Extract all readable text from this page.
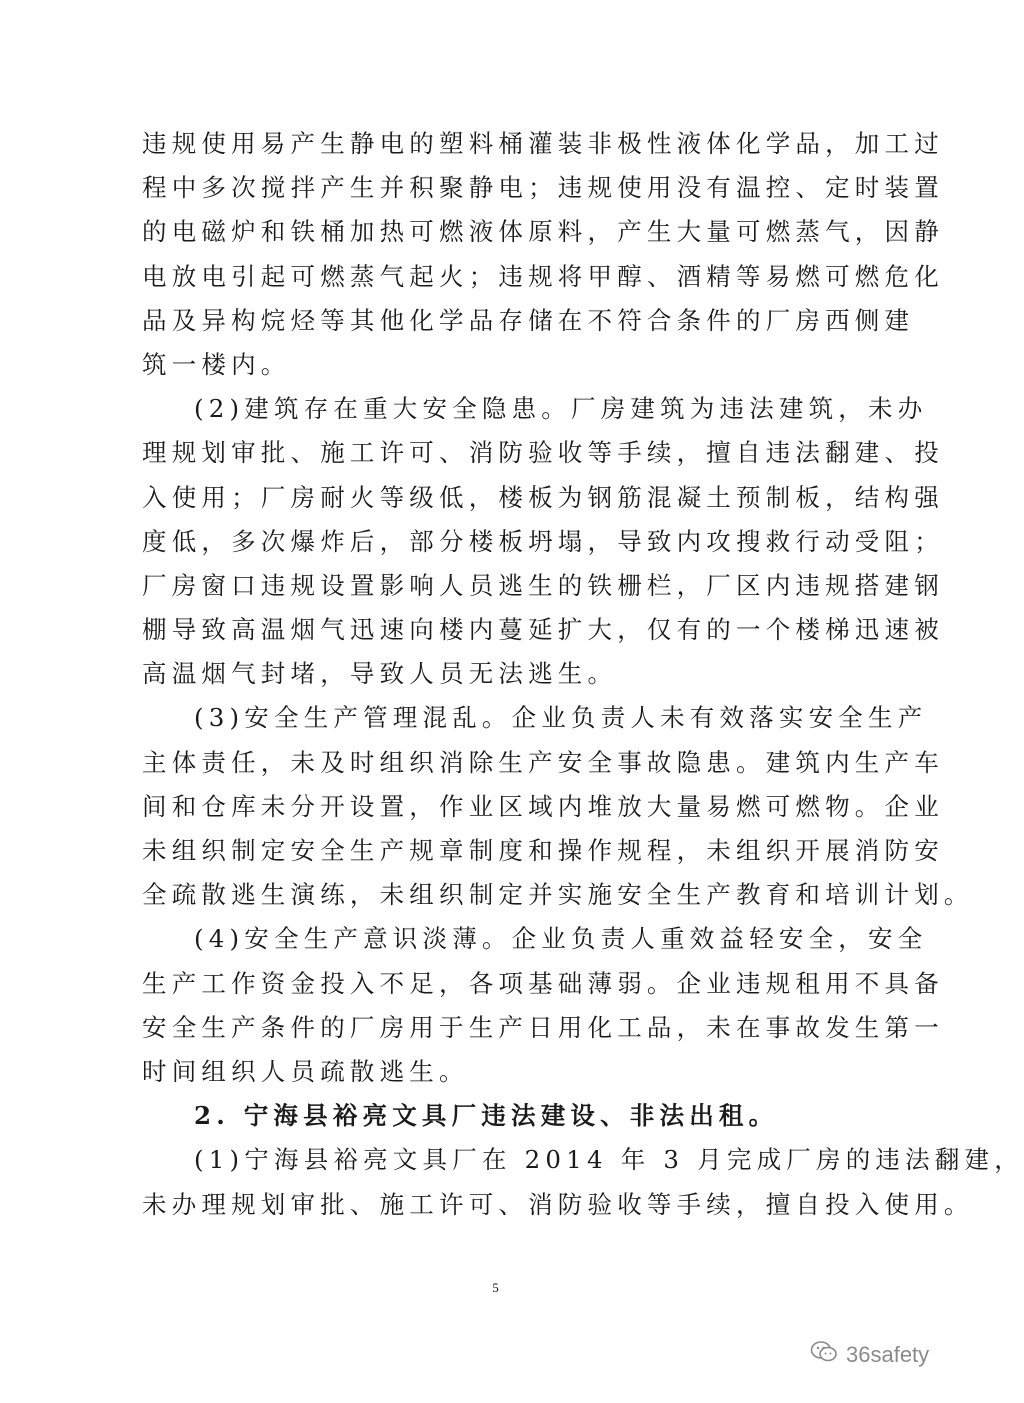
违规使用易产生静电的塑料桶灌装非极性液体化学品，加工过
程中多次搅拌产生并积聚静电；违规使用没有温控、定时装置
的电磁炉和铁桶加热可燃液体原料，产生大量可燃蒸气，因静
电放电引起可燃蒸气起火；违规将甲醇、酒精等易燃可燃危化
品及异构烷烃等其他化学品存储在不符合条件的厂房西侧建
筑一楼内。
(2)建筑存在重大安全隐患。厂房建筑为违法建筑，未办
理规划审批、施工许可、消防验收等手续，擅自违法翻建、投
入使用；厂房耐火等级低，楼板为钢筋混凝土预制板，结构强
度低，多次爆炸后，部分楼板坍塌，导致内攻搜救行动受阻；
厂房窗口违规设置影响人员逃生的铁栅栏，厂区内违规搭建钢
棚导致高温烟气迅速向楼内蔓延扩大，仅有的一个楼梯迅速被
高温烟气封堵，导致人员无法逃生。
(3)安全生产管理混乱。企业负责人未有效落实安全生产
主体责任，未及时组织消除生产安全事故隐患。建筑内生产车
间和仓库未分开设置，作业区域内堆放大量易燃可燃物。企业
未组织制定安全生产规章制度和操作规程，未组织开展消防安
全疏散逃生演练，未组织制定并实施安全生产教育和培训计划。
(4)安全生产意识淡薄。企业负责人重效益轻安全，安全
生产工作资金投入不足，各项基础薄弱。企业违规租用不具备
安全生产条件的厂房用于生产日用化工品，未在事故发生第一
时间组织人员疏散逃生。
2. 宁海县裕亮文具厂违法建设、非法出租。
(1)宁海县裕亮文具厂在 2014 年 3 月完成厂房的违法翻建，
未办理规划审批、施工许可、消防验收等手续，擅自投入使用。
5
36safety
